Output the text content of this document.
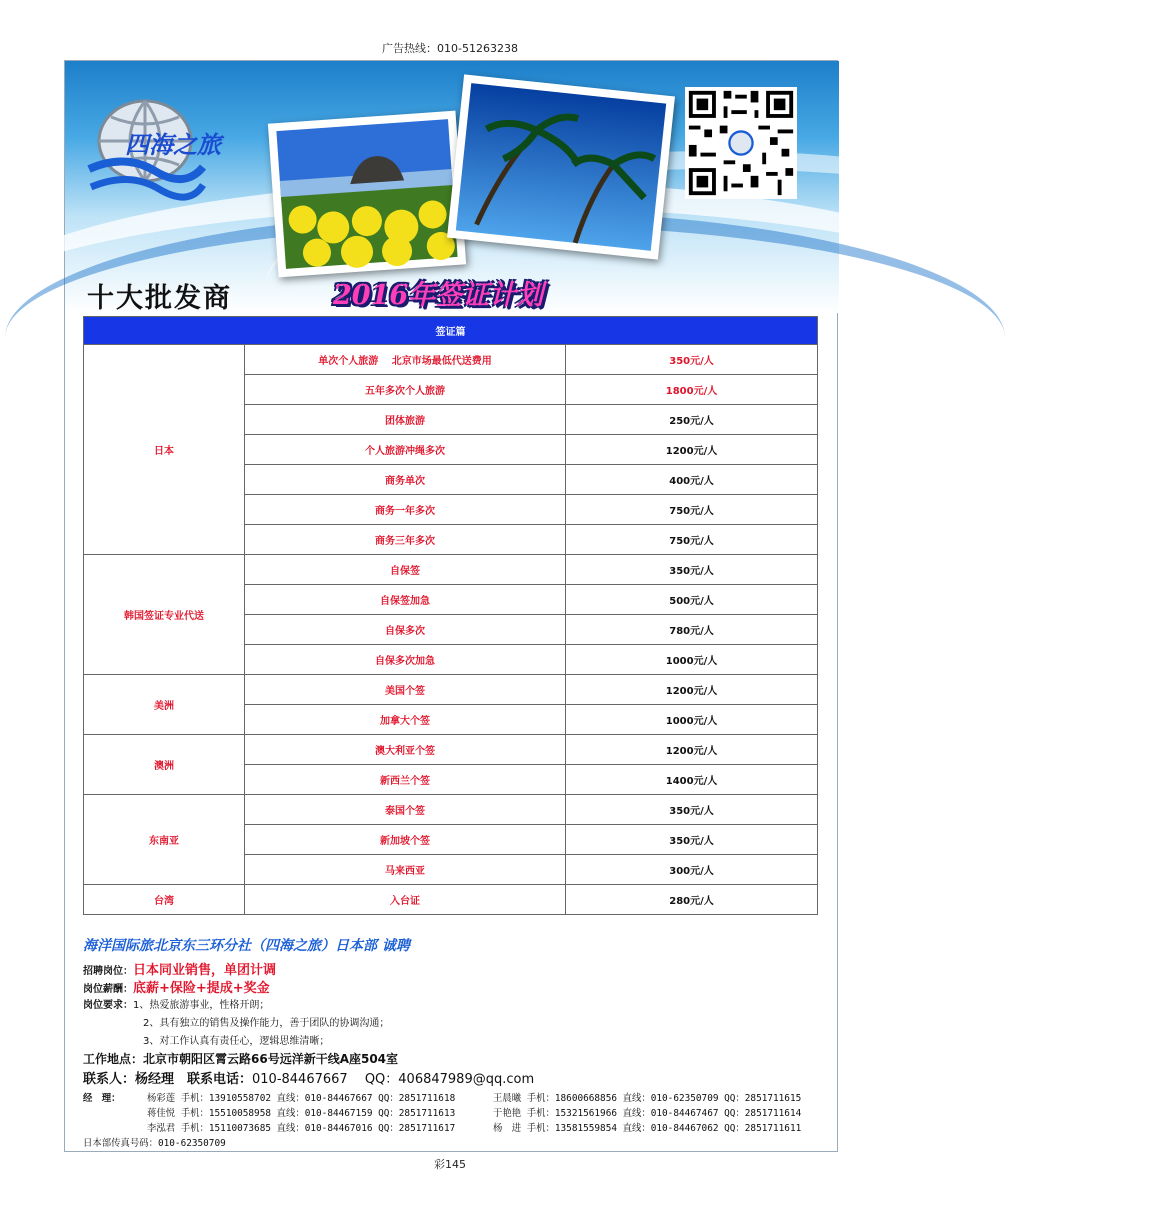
广告热线：010-51263238
四海之旅
十大批发商	2016年签证计划
签证篇		
日本	单次个人旅游　 北京市场最低代送费用	350元/人
	五年多次个人旅游	1800元/人
	团体旅游	250元/人
	个人旅游冲绳多次	1200元/人
	商务单次	400元/人
	商务一年多次	750元/人
	商务三年多次	750元/人
韩国签证专业代送	自保签	350元/人
	自保签加急	500元/人
	自保多次	780元/人
	自保多次加急	1000元/人
美洲	美国个签	1200元/人
	加拿大个签	1000元/人
澳洲	澳大利亚个签	1200元/人
	新西兰个签	1400元/人
东南亚	泰国个签	350元/人
	新加坡个签	350元/人
	马来西亚	300元/人
台湾	入台证	280元/人
海洋国际旅北京东三环分社（四海之旅）日本部 诚聘
招聘岗位：日本同业销售，单团计调
岗位薪酬：底薪+保险+提成+奖金
岗位要求：1、热爱旅游事业，性格开朗；
2、具有独立的销售及操作能力，善于团队的协调沟通；
3、对工作认真有责任心，逻辑思维清晰；
工作地点：北京市朝阳区霄云路66号远洋新干线A座504室
联系人：杨经理　联系电话：010-84467667　 QQ：406847989@qq.com
经　理：	杨彩莲 手机：13910558702 直线：010-84467667 QQ：2851711618	王晨曦 手机：18600668856 直线：010-62350709 QQ：2851711615
蒋佳悦 手机：15510058958 直线：010-84467159 QQ：2851711613	于艳艳 手机：15321561966 直线：010-84467467 QQ：2851711614
李泓君 手机：15110073685 直线：010-84467016 QQ：2851711617	杨　进 手机：13581559854 直线：010-84467062 QQ：2851711611
日本部传真号码：010-62350709
彩145
